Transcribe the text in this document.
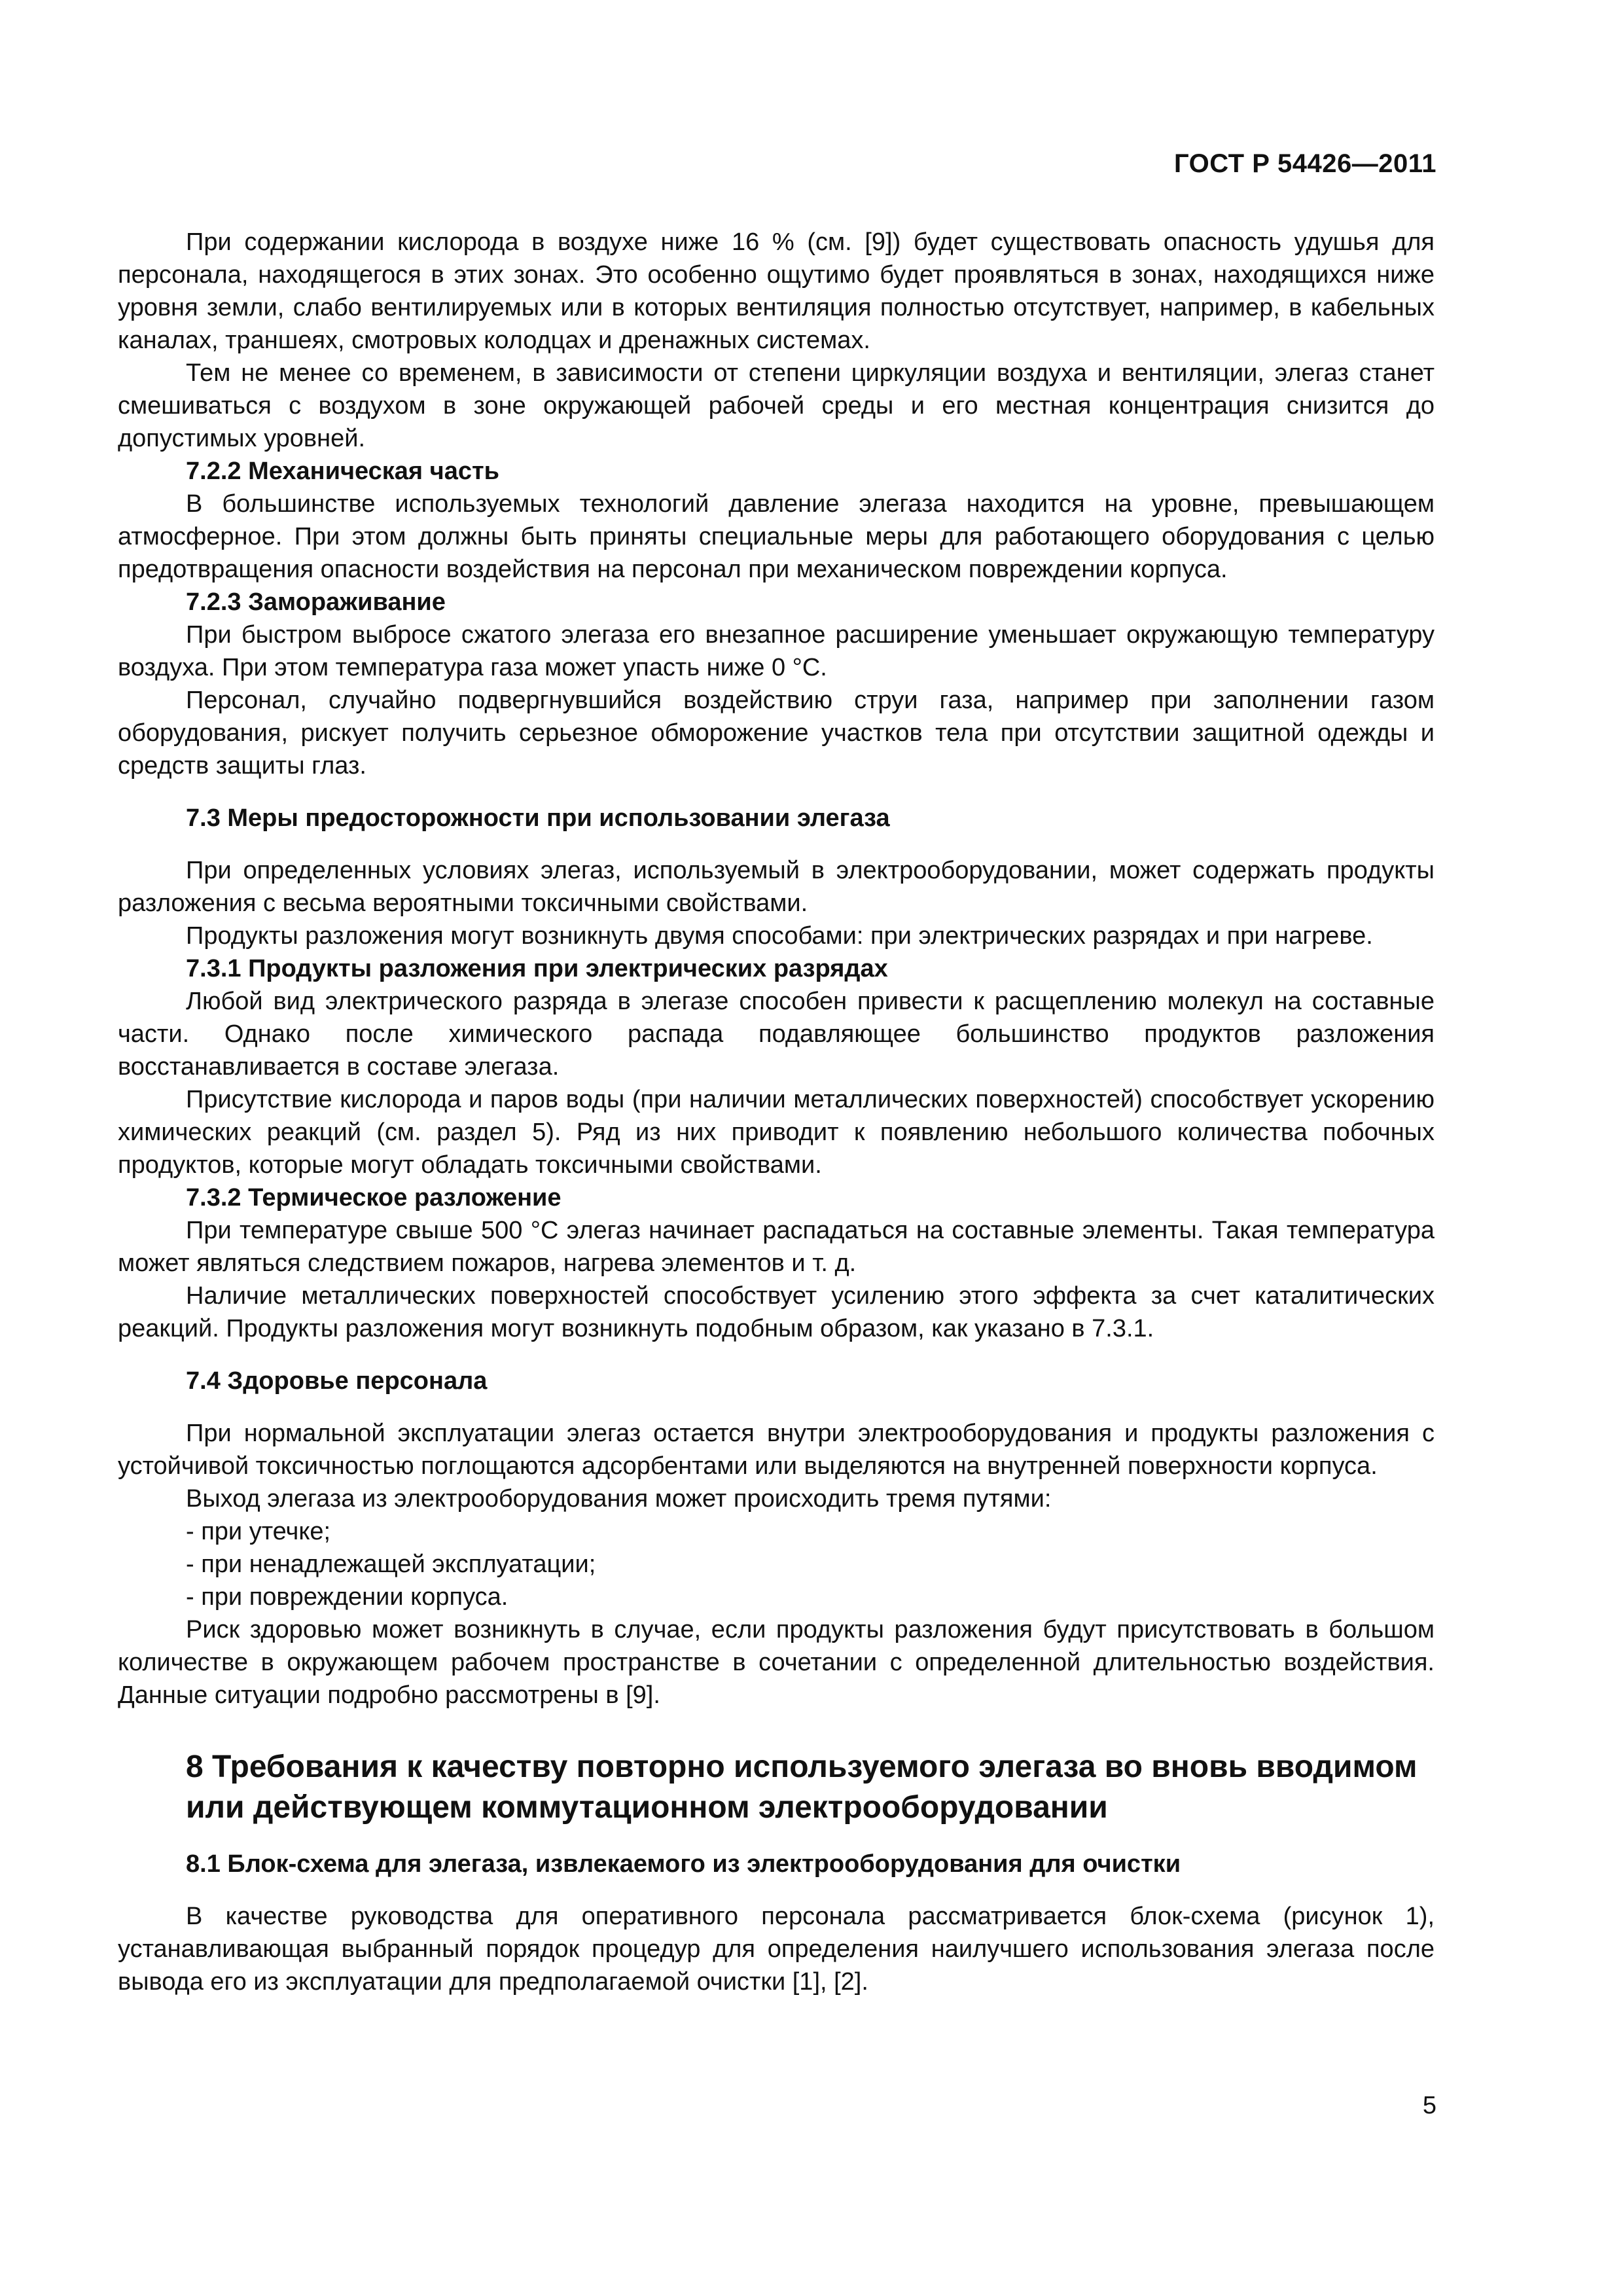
ГОСТ Р 54426—2011

При содержании кислорода в воздухе ниже 16 % (см. [9]) будет существовать опасность удушья для персонала, находящегося в этих зонах. Это особенно ощутимо будет проявляться в зонах, находящихся ниже уровня земли, слабо вентилируемых или в которых вентиляция полностью отсутствует, например, в кабельных каналах, траншеях, смотровых колодцах и дренажных системах.

Тем не менее со временем, в зависимости от степени циркуляции воздуха и вентиляции, элегаз станет смешиваться с воздухом в зоне окружающей рабочей среды и его местная концентрация снизится до допустимых уровней.

7.2.2 Механическая часть

В большинстве используемых технологий давление элегаза находится на уровне, превышающем атмосферное. При этом должны быть приняты специальные меры для работающего оборудования с целью предотвращения опасности воздействия на персонал при механическом повреждении корпуса.

7.2.3 Замораживание

При быстром выбросе сжатого элегаза его внезапное расширение уменьшает окружающую температуру воздуха. При этом температура газа может упасть ниже 0 °С.

Персонал, случайно подвергнувшийся воздействию струи газа, например при заполнении газом оборудования, рискует получить серьезное обморожение участков тела при отсутствии защитной одежды и средств защиты глаз.

7.3 Меры предосторожности при использовании элегаза

При определенных условиях элегаз, используемый в электрооборудовании, может содержать продукты разложения с весьма вероятными токсичными свойствами.

Продукты разложения могут возникнуть двумя способами: при электрических разрядах и при нагреве.

7.3.1 Продукты разложения при электрических разрядах

Любой вид электрического разряда в элегазе способен привести к расщеплению молекул на составные части. Однако после химического распада подавляющее большинство продуктов разложения восстанавливается в составе элегаза.

Присутствие кислорода и паров воды (при наличии металлических поверхностей) способствует ускорению химических реакций (см. раздел 5). Ряд из них приводит к появлению небольшого количества побочных продуктов, которые могут обладать токсичными свойствами.

7.3.2 Термическое разложение

При температуре свыше 500 °С элегаз начинает распадаться на составные элементы. Такая температура может являться следствием пожаров, нагрева элементов и т. д.

Наличие металлических поверхностей способствует усилению этого эффекта за счет каталитических реакций. Продукты разложения могут возникнуть подобным образом, как указано в 7.3.1.

7.4 Здоровье персонала

При нормальной эксплуатации элегаз остается внутри электрооборудования и продукты разложения с устойчивой токсичностью поглощаются адсорбентами или выделяются на внутренней поверхности корпуса.

Выход элегаза из электрооборудования может происходить тремя путями:

- при утечке;

- при ненадлежащей эксплуатации;

- при повреждении корпуса.

Риск здоровью может возникнуть в случае, если продукты разложения будут присутствовать в большом количестве в окружающем рабочем пространстве в сочетании с определенной длительностью воздействия. Данные ситуации подробно рассмотрены в [9].

8 Требования к качеству повторно используемого элегаза во вновь вводимом или действующем коммутационном электрооборудовании

8.1 Блок-схема для элегаза, извлекаемого из электрооборудования для очистки

В качестве руководства для оперативного персонала рассматривается блок-схема (рисунок 1), устанавливающая выбранный порядок процедур для определения наилучшего использования элегаза после вывода его из эксплуатации для предполагаемой очистки [1], [2].

5
